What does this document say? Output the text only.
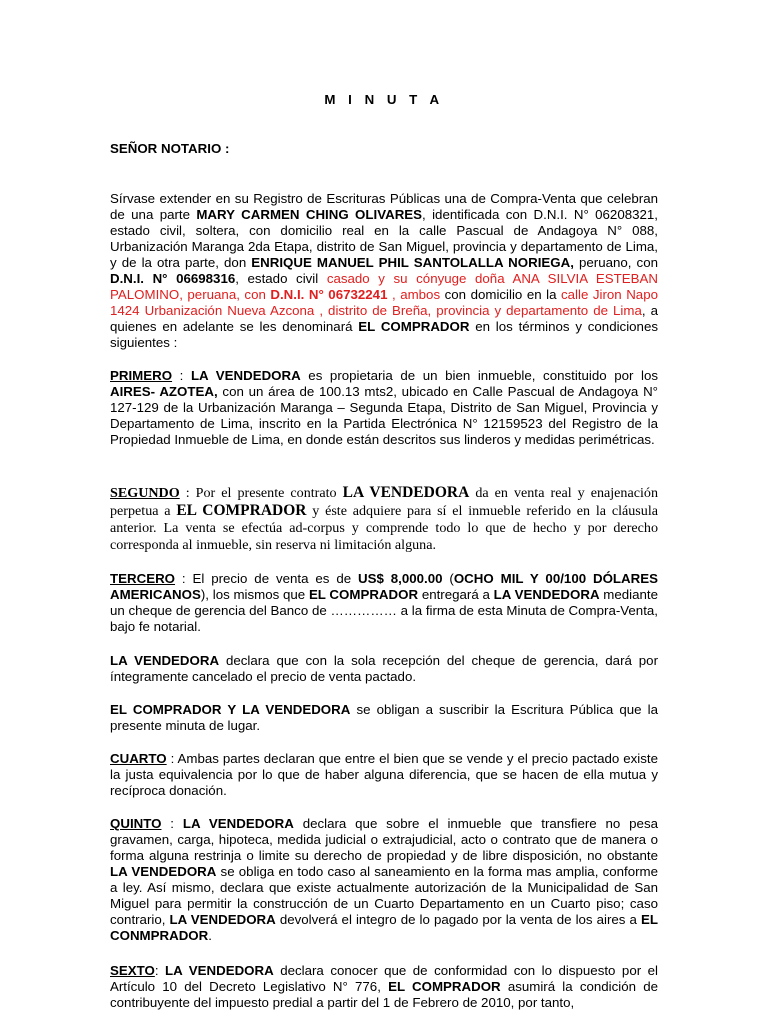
M I N U T A
SEÑOR NOTARIO :

Sírvase extender en su Registro de Escrituras Públicas una de Compra-Venta que celebran de una parte MARY CARMEN CHING OLIVARES, identificada con D.N.I. N° 06208321, estado civil, soltera, con domicilio real en la calle Pascual de Andagoya N° 088, Urbanización Maranga 2da Etapa, distrito de San Miguel, provincia y departamento de Lima, y de la otra parte, don ENRIQUE MANUEL PHIL SANTOLALLA NORIEGA, peruano, con D.N.I. N° 06698316, estado civil casado y su cónyuge doña ANA SILVIA ESTEBAN PALOMINO, peruana, con D.N.I. N° 06732241 , ambos con domicilio en la calle Jiron Napo 1424 Urbanización Nueva Azcona , distrito de Breña, provincia y departamento de Lima, a quienes en adelante se les denominará EL COMPRADOR en los términos y condiciones siguientes :

PRIMERO : LA VENDEDORA es propietaria de un bien inmueble, constituido por los AIRES- AZOTEA, con un área de 100.13 mts2, ubicado en Calle Pascual de Andagoya N° 127-129 de la Urbanización Maranga – Segunda Etapa, Distrito de San Miguel, Provincia y Departamento de Lima, inscrito en la Partida Electrónica N° 12159523 del Registro de la Propiedad Inmueble de Lima, en donde están descritos sus linderos y medidas perimétricas.

SEGUNDO : Por el presente contrato LA VENDEDORA da en venta real y enajenación perpetua a EL COMPRADOR y éste adquiere para sí el inmueble referido en la cláusula anterior. La venta se efectúa ad-corpus y comprende todo lo que de hecho y por derecho corresponda al inmueble, sin reserva ni limitación alguna.

TERCERO : El precio de venta es de US$ 8,000.00 (OCHO MIL Y 00/100 DÓLARES AMERICANOS), los mismos que EL COMPRADOR entregará a LA VENDEDORA mediante un cheque de gerencia del Banco de …………… a la firma de esta Minuta de Compra-Venta, bajo fe notarial.

LA VENDEDORA declara que con la sola recepción del cheque de gerencia, dará por íntegramente cancelado el precio de venta pactado.

EL COMPRADOR Y LA VENDEDORA se obligan a suscribir la Escritura Pública que la presente minuta de lugar.

CUARTO : Ambas partes declaran que entre el bien que se vende y el precio pactado existe la justa equivalencia por lo que de haber alguna diferencia, que se hacen de ella mutua y recíproca donación.

QUINTO : LA VENDEDORA declara que sobre el inmueble que transfiere no pesa gravamen, carga, hipoteca, medida judicial o extrajudicial, acto o contrato que de manera o forma alguna restrinja o limite su derecho de propiedad y de libre disposición, no obstante LA VENDEDORA se obliga en todo caso al saneamiento en la forma mas amplia, conforme a ley. Así mismo, declara que existe actualmente autorización de la Municipalidad de San Miguel para permitir la construcción de un Cuarto Departamento en un Cuarto piso; caso contrario, LA VENDEDORA devolverá el integro de lo pagado por la venta de los aires a EL CONMPRADOR.

SEXTO: LA VENDEDORA declara conocer que de conformidad con lo dispuesto por el Artículo 10 del Decreto Legislativo N° 776, EL COMPRADOR asumirá la condición de contribuyente del impuesto predial a partir del 1 de Febrero de 2010, por tanto,
